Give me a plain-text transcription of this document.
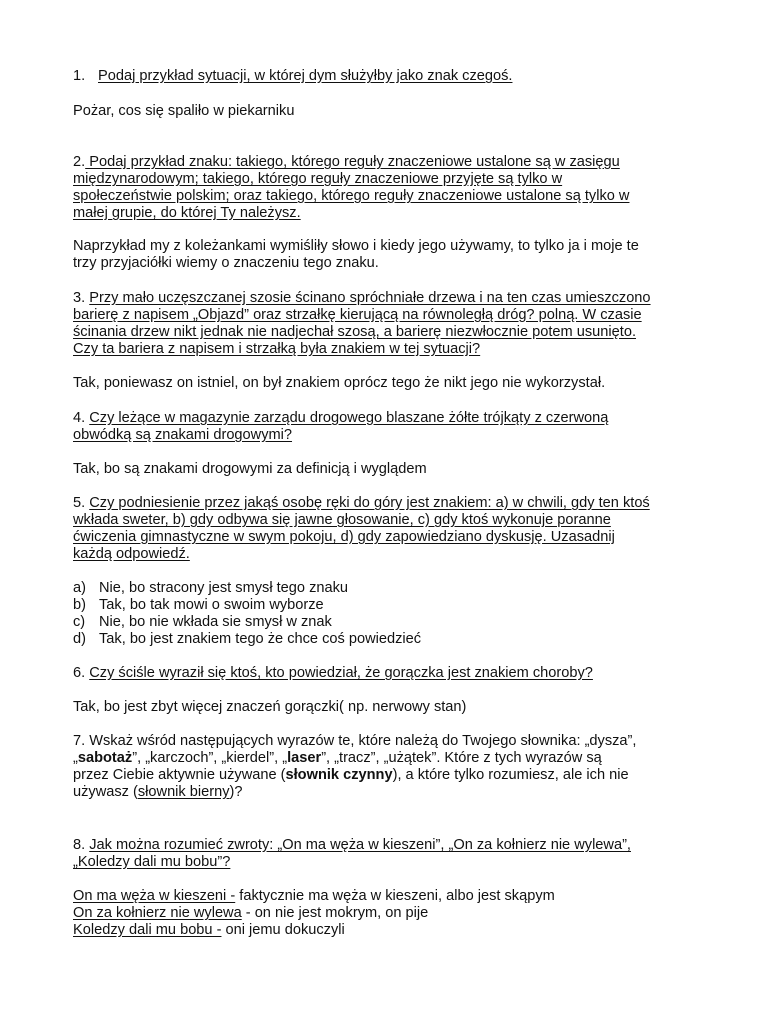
1. Podaj przykład sytuacji, w której dym służyłby jako znak czegoś.
Pożar, cos się spaliło w piekarniku
2. Podaj przykład znaku: takiego, którego reguły znaczeniowe ustalone są w zasięgu
międzynarodowym; takiego, którego reguły znaczeniowe przyjęte są tylko w
społeczeństwie polskim; oraz takiego, którego reguły znaczeniowe ustalone są tylko w
małej grupie, do której Ty należysz.
Naprzykład my z koleżankami wymiśliły słowo i kiedy jego używamy, to tylko ja i moje te
trzy przyjaciółki wiemy o znaczeniu tego znaku.
3. Przy mało uczęszczanej szosie ścinano spróchniałe drzewa i na ten czas umieszczono
barierę z napisem „Objazd” oraz strzałkę kierującą na równoległą dróg? polną. W czasie
ścinania drzew nikt jednak nie nadjechał szosą, a barierę niezwłocznie potem usunięto.
Czy ta bariera z napisem i strzałką była znakiem w tej sytuacji?
Tak, poniewasz on istniel, on był znakiem oprócz tego że nikt jego nie wykorzystał.
4. Czy leżące w magazynie zarządu drogowego blaszane żółte trójkąty z czerwoną
obwódką są znakami drogowymi?
Tak, bo są znakami drogowymi za definicją i wyglądem
5. Czy podniesienie przez jakąś osobę ręki do góry jest znakiem: a) w chwili, gdy ten ktoś
wkłada sweter, b) gdy odbywa się jawne głosowanie, c) gdy ktoś wykonuje poranne
ćwiczenia gimnastyczne w swym pokoju, d) gdy zapowiedziano dyskusję. Uzasadnij
każdą odpowiedź.
a) Nie, bo stracony jest smysł tego znaku
b) Tak, bo tak mowi o swoim wyborze
c) Nie, bo nie wkłada sie smysł w znak
d) Tak, bo jest znakiem tego że chce coś powiedzieć
6. Czy ściśle wyraził się ktoś, kto powiedział, że gorączka jest znakiem choroby?
Tak, bo jest zbyt więcej znaczeń gorączki( np. nerwowy stan)
7. Wskaż wśród następujących wyrazów te, które należą do Twojego słownika: „dysza”,
„sabotaż”, „karczoch”, „kierdel”, „laser”, „tracz”, „użątek”. Które z tych wyrazów są
przez Ciebie aktywnie używane (słownik czynny), a które tylko rozumiesz, ale ich nie
używasz (słownik bierny)?
8. Jak można rozumieć zwroty: „On ma węża w kieszeni”, „On za kołnierz nie wylewa”,
„Koledzy dali mu bobu”?
On ma węża w kieszeni - faktycznie ma węża w kieszeni, albo jest skąpym
On za kołnierz nie wylewa - on nie jest mokrym, on pije
Koledzy dali mu bobu - oni jemu dokuczyli
